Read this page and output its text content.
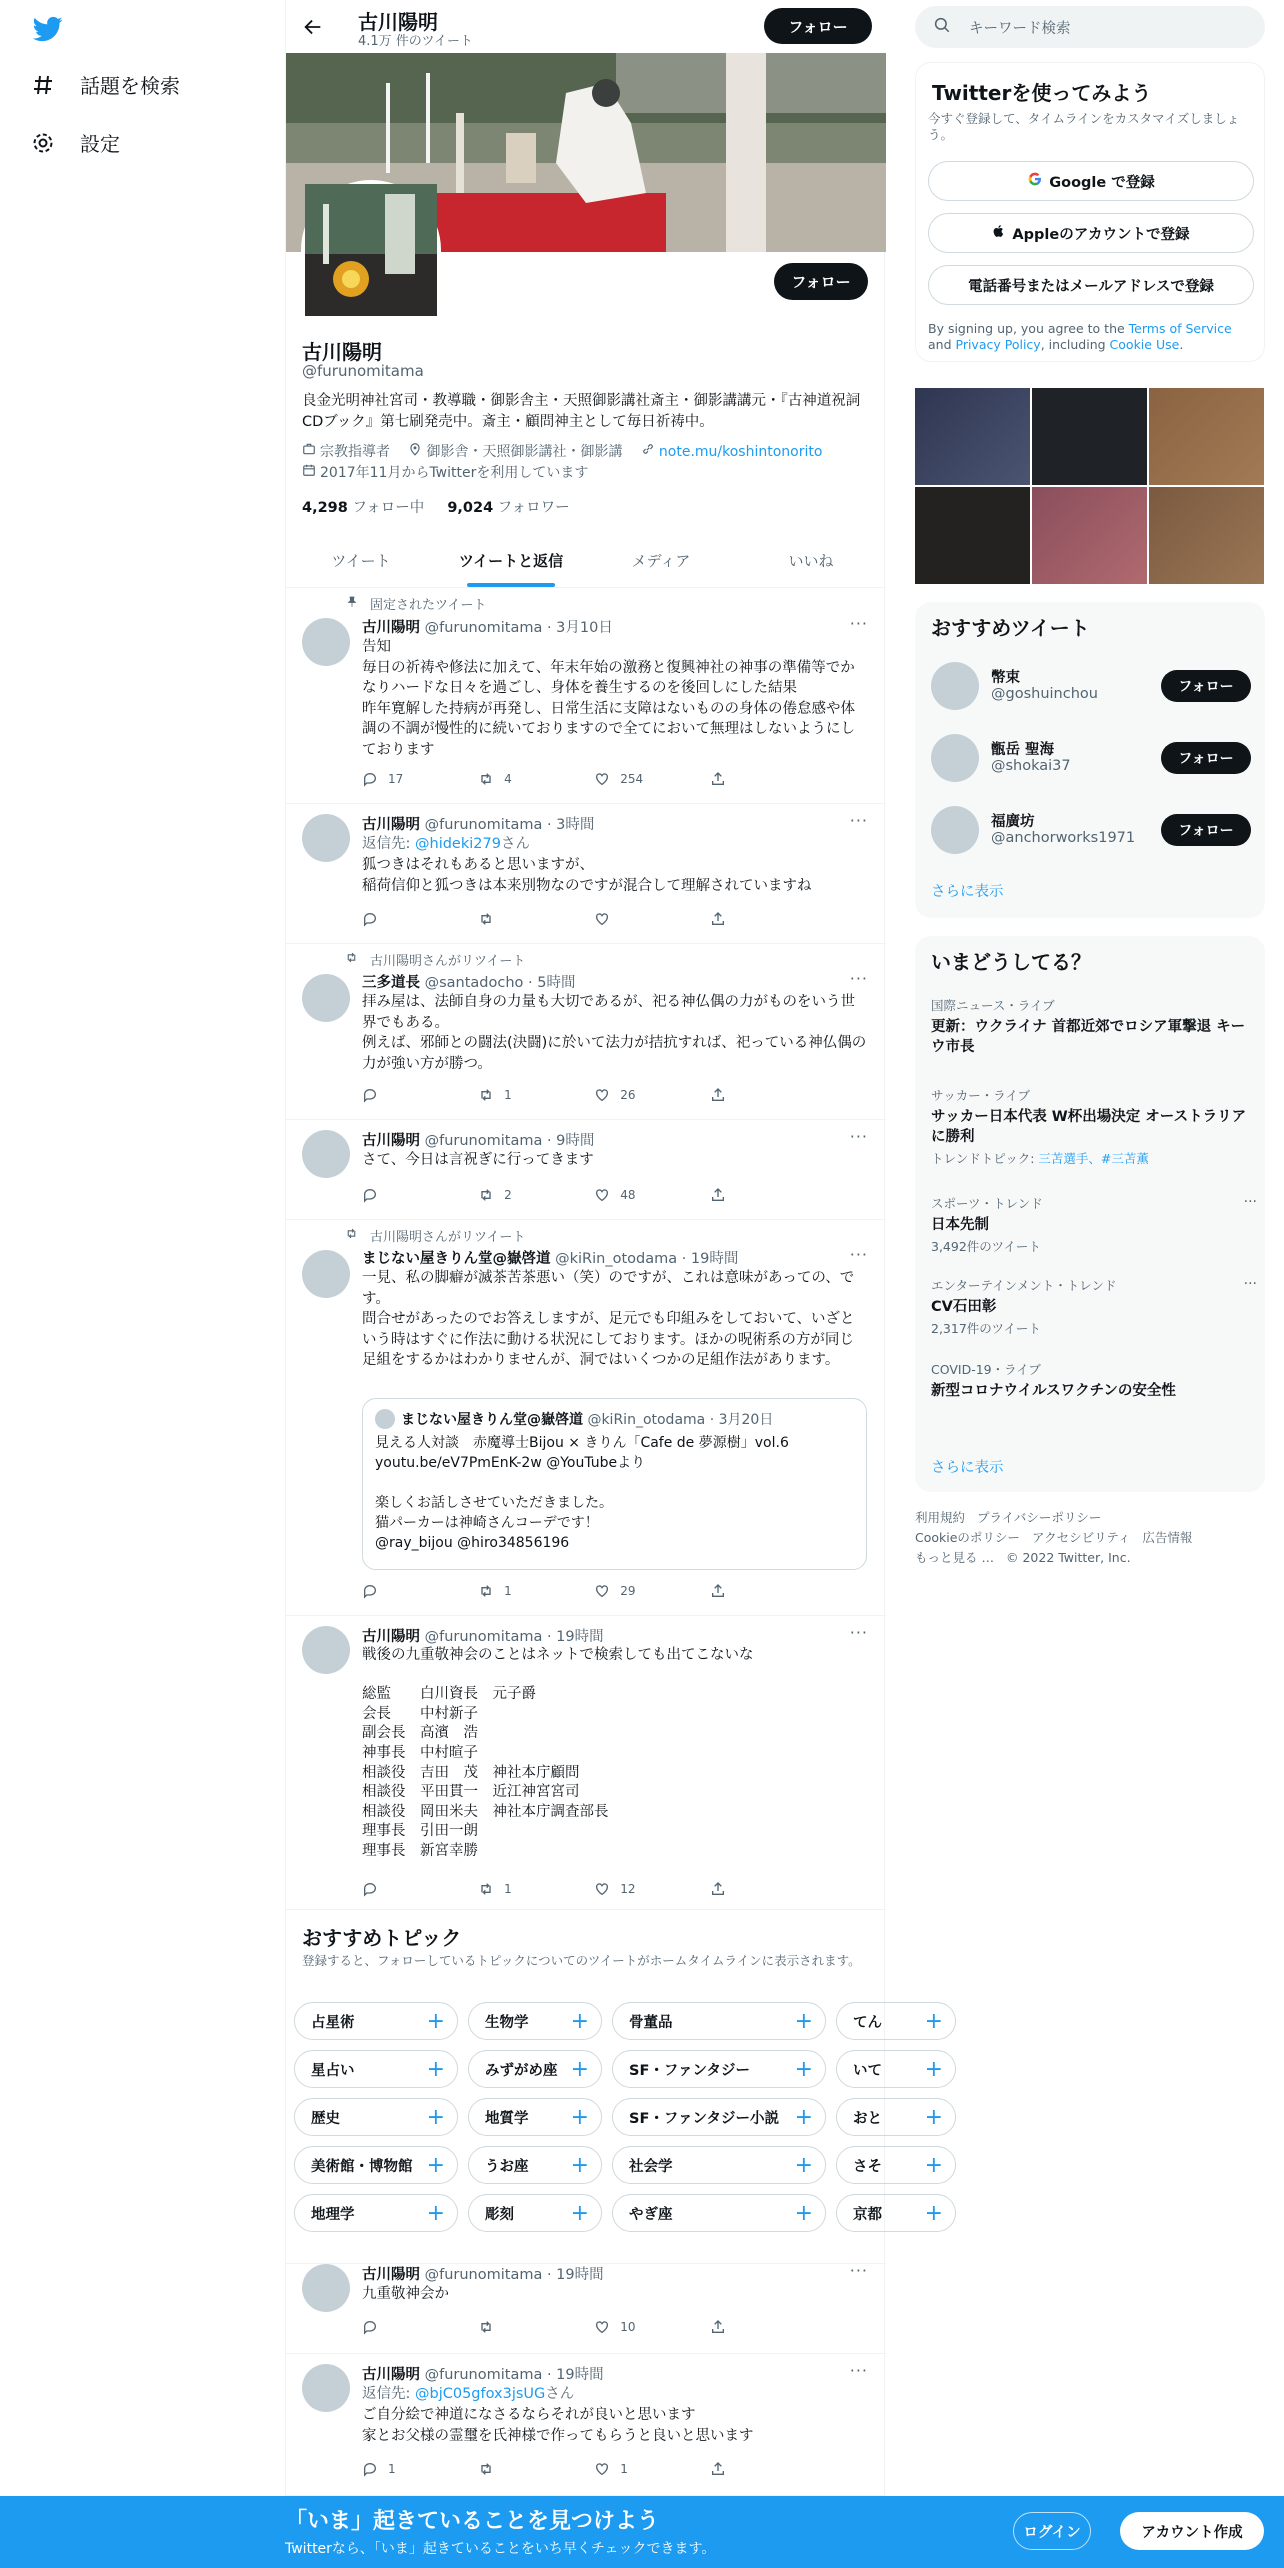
話題を検索
設定
古川陽明
4.1万 件のツイート
フォロー
フォロー
古川陽明
@furunomitama
良金光明神社宮司・教導職・御影舎主・天照御影講社斎主・御影講講元・『古神道祝詞CDブック』第七刷発売中。斎主・顧問神主として毎日祈祷中。
宗教指導者
	御影舎・天照御影講社・御影講
	note.mu/koshintonorito
2017年11月からTwitterを利用しています
4,298 フォロー中 9,024 フォロワー
ツイート	ツイートと返信	メディア	いいね
固定されたツイート
古川陽明 @furunomitama · 3月10日	···
告知
毎日の祈祷や修法に加えて、年末年始の激務と復興神社の神事の準備等でかなりハードな日々を過ごし、身体を養生するのを後回しにした結果
昨年寛解した持病が再発し、日常生活に支障はないものの身体の倦怠感や体調の不調が慢性的に続いておりますので全てにおいて無理はしないようにしております
17	4	254
古川陽明 @furunomitama · 3時間	···
返信先: @hideki279さん
狐つきはそれもあると思いますが、
稲荷信仰と狐つきは本来別物なのですが混合して理解されていますね
古川陽明さんがリツイート
三多道長 @santadocho · 5時間	···
拝み屋は、法師自身の力量も大切であるが、祀る神仏偶の力がものをいう世界でもある。
例えば、邪師との闘法(決闘)に於いて法力が拮抗すれば、祀っている神仏偶の力が強い方が勝つ。
1	26
古川陽明 @furunomitama · 9時間	···
さて、今日は言祝ぎに行ってきます
2	48
古川陽明さんがリツイート
まじない屋きりん堂@嶽啓道 @kiRin_otodama · 19時間	···
一見、私の脚癖が滅茶苦茶悪い（笑）のですが、これは意味があっての、です。
問合せがあったのでお答えしますが、足元でも印組みをしておいて、いざという時はすぐに作法に動ける状況にしております。ほかの呪術系の方が同じ足組をするかはわかりませんが、洞ではいくつかの足組作法があります。
まじない屋きりん堂@嶽啓道
@kiRin_otodama · 3月20日
見える人対談　赤魔導士Bijou × きりん「Cafe de 夢源樹」vol.6
youtu.be/eV7PmEnK-2w @YouTubeより

楽しくお話しさせていただきました。
猫パーカーは神崎さんコーデです！
@ray_bijou @hiro34856196
1	29
古川陽明 @furunomitama · 19時間	···
戦後の九重敬神会のことはネットで検索しても出てこないな

総監　　白川資長　元子爵
会長　　中村新子
副会長　高濱　浩
神事長　中村暄子
相談役　吉田　茂　神社本庁顧問
相談役　平田貫一　近江神宮宮司
相談役　岡田米夫　神社本庁調査部長
理事長　引田一朗
理事長　新宮幸勝
1	12
おすすめトピック
登録すると、フォローしているトピックについてのツイートがホームタイムラインに表示されます。
占星術	+	生物学 +	骨董品	+	てん +
星占い	+	みずがめ座 +	SF・ファンタジー +	いて +
歴史	+	地質学 +	SF・ファンタジー小説 +	おと +
美術館・博物館 +	うお座 +	社会学	+	さそ +
地理学	+	彫刻	+	やぎ座	+	京都 +
古川陽明 @furunomitama · 19時間	···
九重敬神会か
10
古川陽明 @furunomitama · 19時間	···
返信先: @bjC05gfox3jsUGさん
ご自分絵で神道になさるならそれが良いと思います
家とお父様の霊璽を氏神様で作ってもらうと良いと思います
1	1
キーワード検索
Twitterを使ってみよう
今すぐ登録して、タイムラインをカスタマイズしましょう。
Google で登録
Appleのアカウントで登録
電話番号またはメールアドレスで登録
By signing up, you agree to the Terms of Service and Privacy Policy, including Cookie Use.
おすすめツイート
幣束
@goshuinchou	フォロー
甑岳 聖海
@shokai37	フォロー
福廣坊
@anchorworks1971	フォロー
さらに表示
いまどうしてる？
国際ニュース・ライブ
更新：ウクライナ 首都近郊でロシア軍撃退 キーウ市長
サッカー・ライブ
サッカー日本代表 W杯出場決定 オーストラリアに勝利
トレンドトピック: 三苫選手、#三苫薫
スポーツ・トレンド
日本先制
3,492件のツイート
···
エンターテインメント・トレンド
CV石田彰
2,317件のツイート
···
COVID-19・ライブ
新型コロナウイルスワクチンの安全性
さらに表示
利用規約 プライバシーポリシー
Cookieのポリシー アクセシビリティ 広告情報
もっと見る … © 2022 Twitter, Inc.
「いま」起きていることを見つけよう
Twitterなら、「いま」起きていることをいち早くチェックできます。
ログイン	アカウント作成
